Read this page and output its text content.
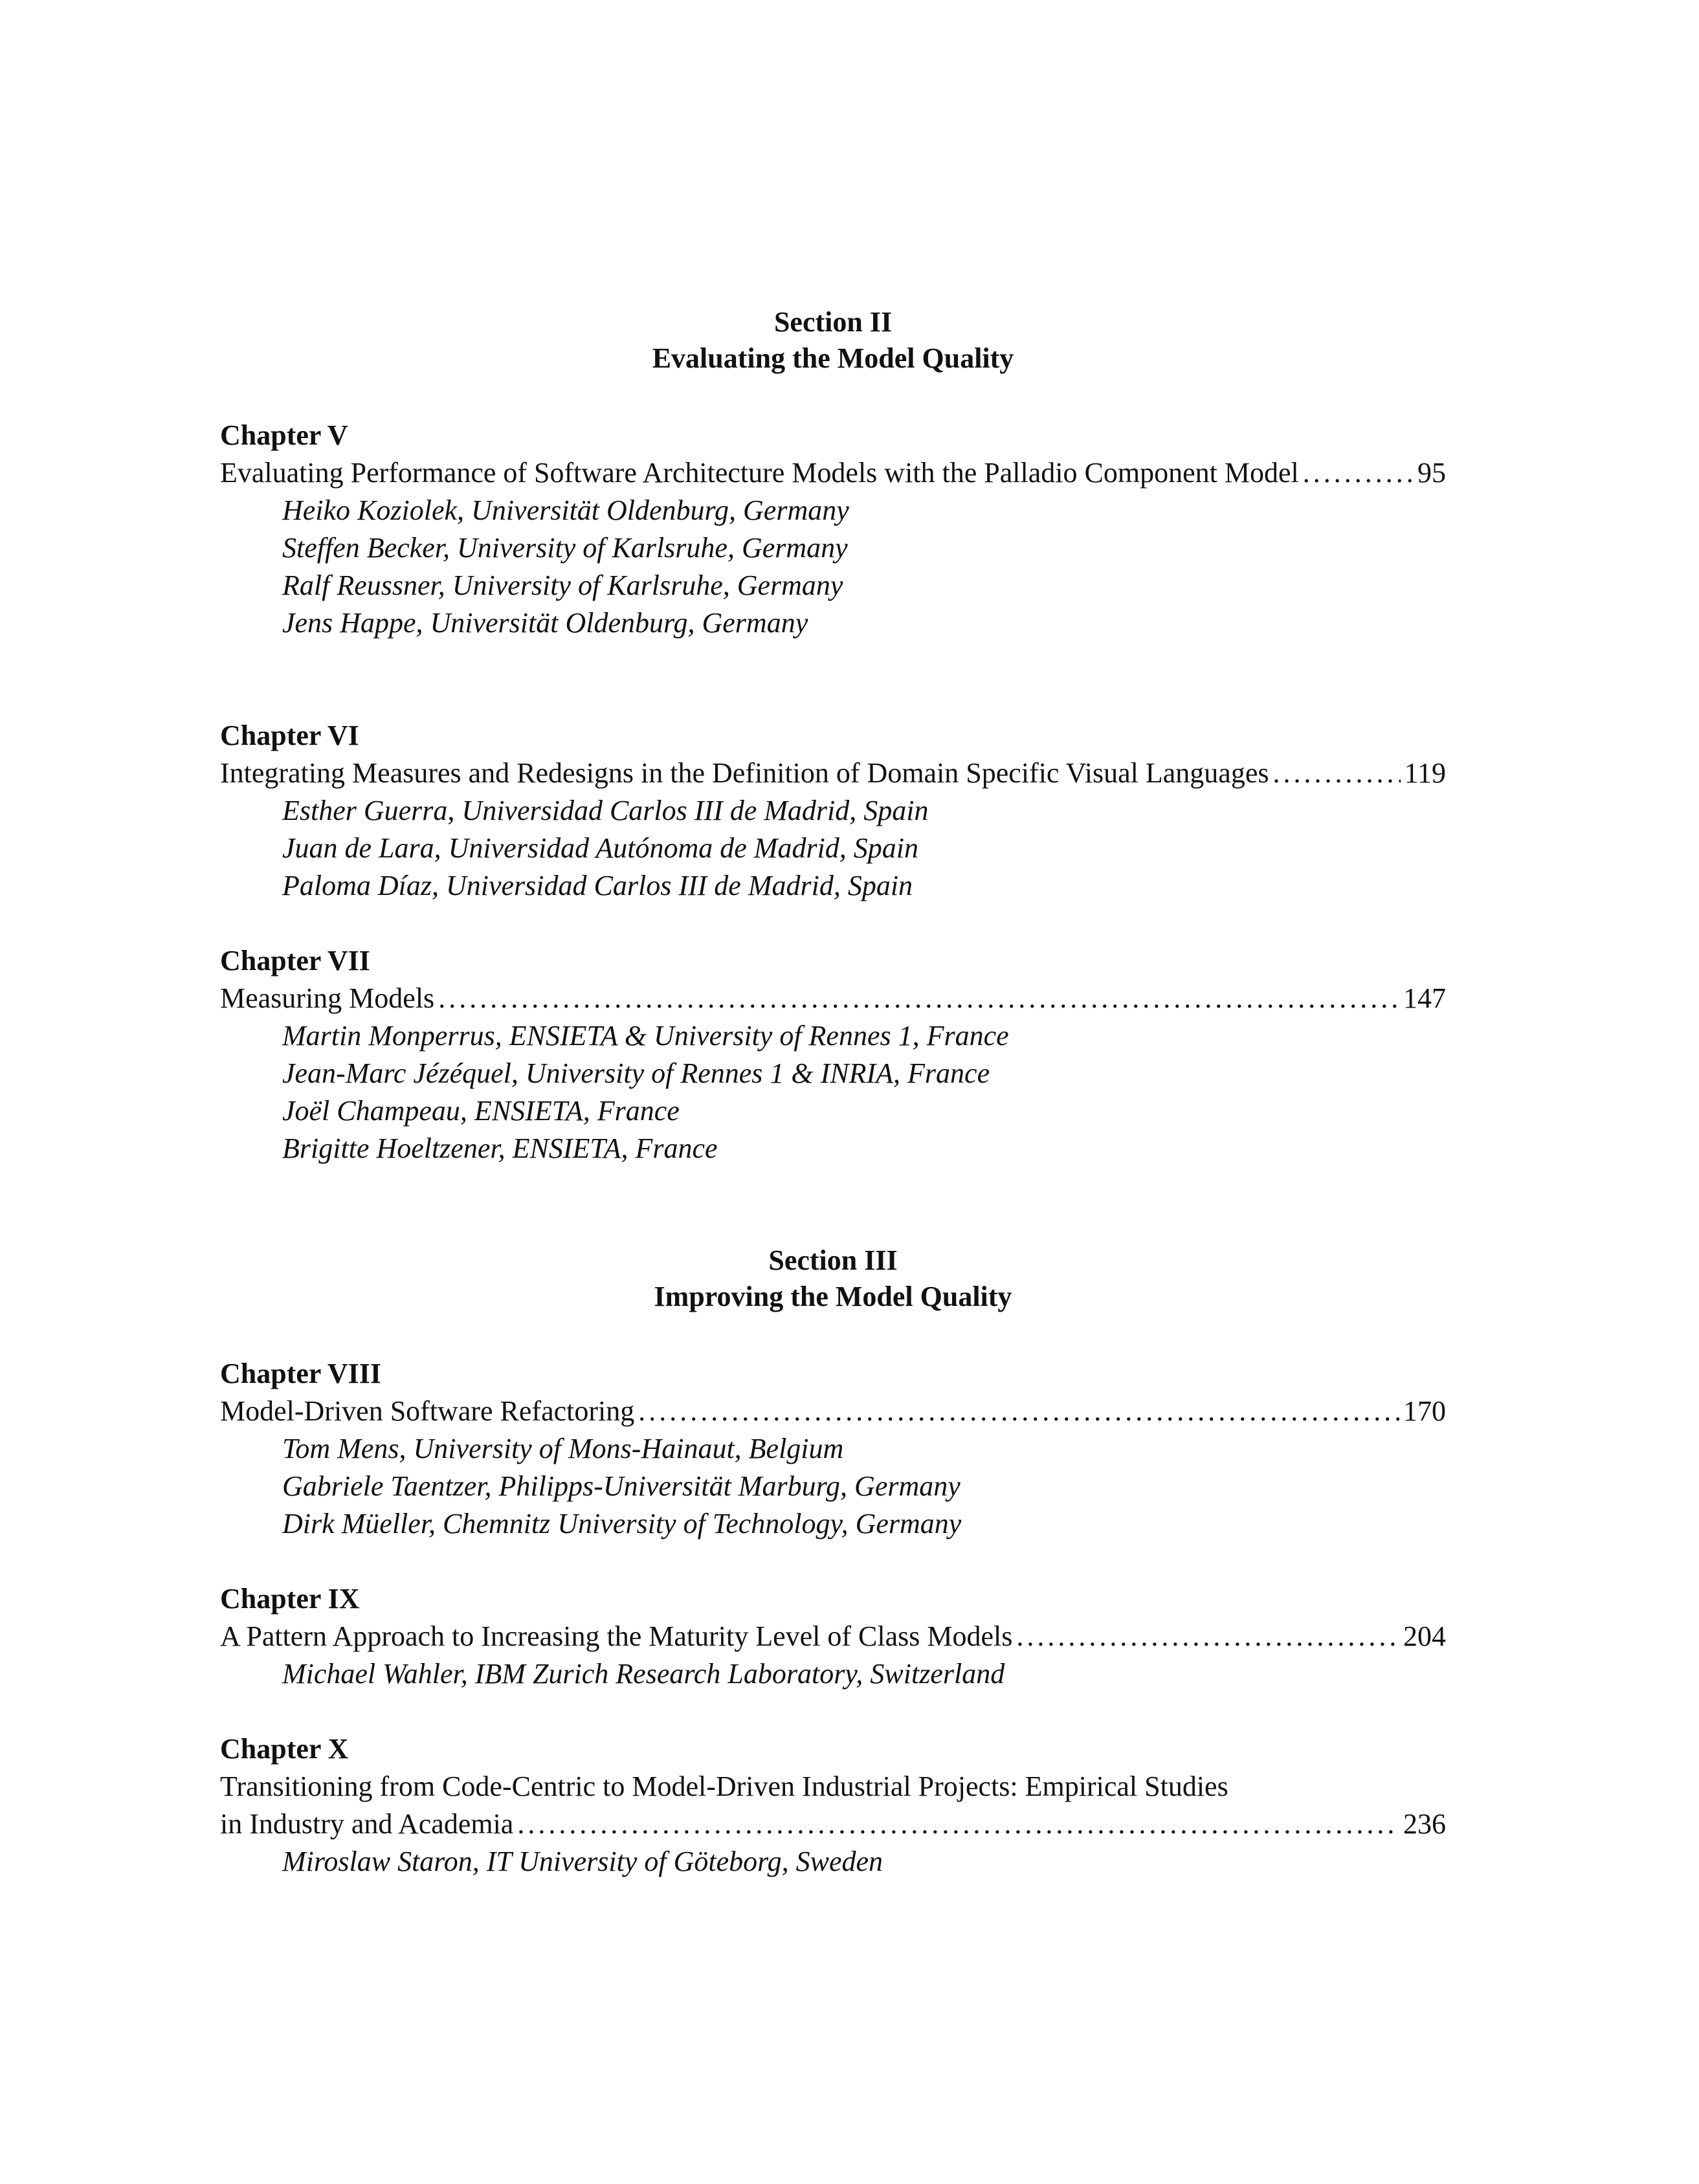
Section II
Evaluating the Model Quality
Chapter V
Evaluating Performance of Software Architecture Models with the Palladio Component Model . . .	95
Heiko Koziolek, Universität Oldenburg, Germany
Steffen Becker, University of Karlsruhe, Germany
Ralf Reussner, University of Karlsruhe, Germany
Jens Happe, Universität Oldenburg, Germany
Chapter VI
Integrating Measures and Redesigns in the Definition of Domain Specific Visual Languages . . .	119
Esther Guerra, Universidad Carlos III de Madrid, Spain
Juan de Lara, Universidad Autónoma de Madrid, Spain
Paloma Díaz, Universidad Carlos III de Madrid, Spain
Chapter VII
Measuring Models . . .	147
Martin Monperrus, ENSIETA & University of Rennes 1, France
Jean-Marc Jézéquel, University of Rennes 1 & INRIA, France
Joël Champeau, ENSIETA, France
Brigitte Hoeltzener, ENSIETA, France
Section III
Improving the Model Quality
Chapter VIII
Model-Driven Software Refactoring . . .	170
Tom Mens, University of Mons-Hainaut, Belgium
Gabriele Taentzer, Philipps-Universität Marburg, Germany
Dirk Müeller, Chemnitz University of Technology, Germany
Chapter IX
A Pattern Approach to Increasing the Maturity Level of Class Models . . .	204
Michael Wahler, IBM Zurich Research Laboratory, Switzerland
Chapter X
Transitioning from Code-Centric to Model-Driven Industrial Projects: Empirical Studies
in Industry and Academia . . .	236
Miroslaw Staron, IT University of Göteborg, Sweden
